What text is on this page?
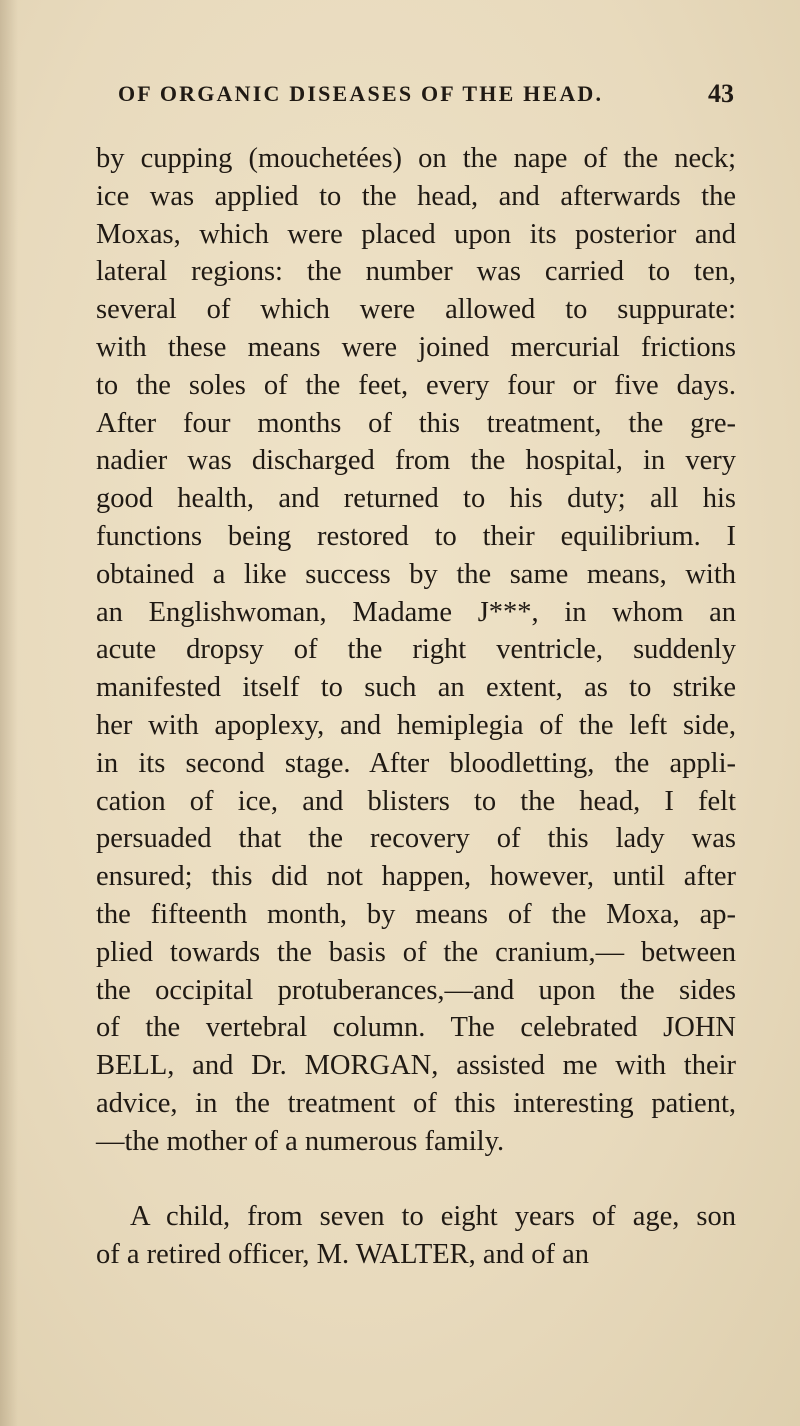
OF ORGANIC DISEASES OF THE HEAD.	43
by cupping (mouchetées) on the nape of the neck;
ice was applied to the head, and afterwards the
Moxas, which were placed upon its posterior and
lateral regions: the number was carried to ten,
several of which were allowed to suppurate:
with these means were joined mercurial frictions
to the soles of the feet, every four or five days.
After four months of this treatment, the gre-
nadier was discharged from the hospital, in very
good health, and returned to his duty; all his
functions being restored to their equilibrium. I
obtained a like success by the same means, with
an Englishwoman, Madame J***, in whom an
acute dropsy of the right ventricle, suddenly
manifested itself to such an extent, as to strike
her with apoplexy, and hemiplegia of the left side,
in its second stage. After bloodletting, the appli-
cation of ice, and blisters to the head, I felt
persuaded that the recovery of this lady was
ensured; this did not happen, however, until after
the fifteenth month, by means of the Moxa, ap-
plied towards the basis of the cranium,— between
the occipital protuberances,—and upon the sides
of the vertebral column. The celebrated JOHN
BELL, and Dr. MORGAN, assisted me with their
advice, in the treatment of this interesting patient,
—the mother of a numerous family.
A child, from seven to eight years of age, son
of a retired officer, M. WALTER, and of an
